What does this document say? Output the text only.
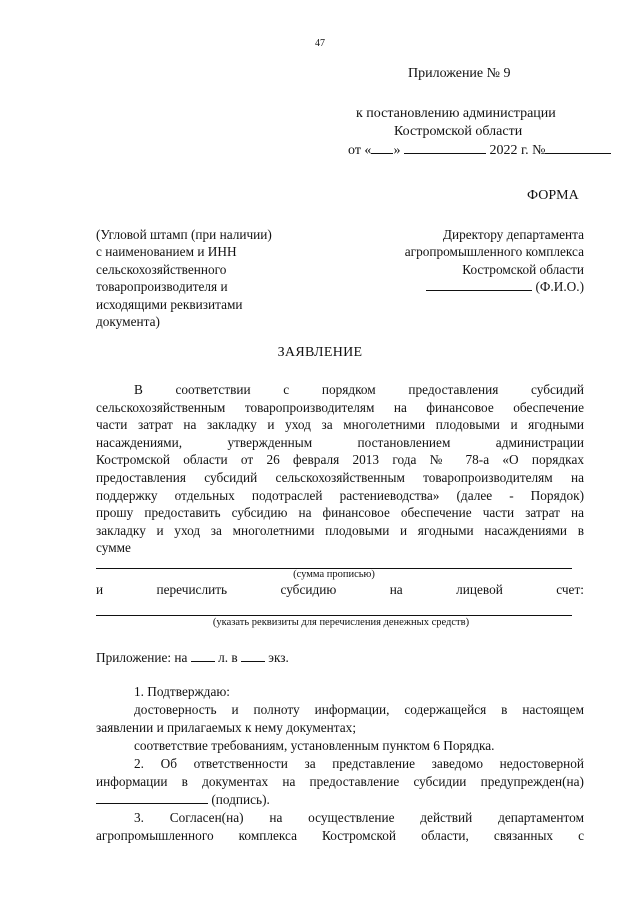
47
Приложение № 9
к постановлению администрации
Костромской области
от « »	2022 г. №
ФОРМА
(Угловой штамп (при наличии)
с наименованием и ИНН
сельскохозяйственного
товаропроизводителя и
исходящими реквизитами
документа)
Директору департамента
агропромышленного комплекса
Костромской области
(Ф.И.О.)
ЗАЯВЛЕНИЕ
В соответствии с порядком предоставления субсидий
сельскохозяйственным товаропроизводителям на финансовое обеспечение
части затрат на закладку и уход за многолетними плодовыми и ягодными
насаждениями, утвержденным постановлением администрации
Костромской области от 26 февраля 2013 года № 78-а «О порядках
предоставления субсидий сельскохозяйственным товаропроизводителям на
поддержку отдельных подотраслей растениеводства» (далее - Порядок)
прошу предоставить субсидию на финансовое обеспечение части затрат на
закладку и уход за многолетними плодовыми и ягодными насаждениями в
сумме
(сумма прописью)
и	перечислить	субсидию	на	лицевой	счет:
(указать реквизиты для перечисления денежных средств)
Приложение: на л. в экз.
1. Подтверждаю:
достоверность и полноту информации, содержащейся в настоящем
заявлении и прилагаемых к нему документах;
соответствие требованиям, установленным пунктом 6 Порядка.
2. Об ответственности за представление заведомо недостоверной
информации в документах на предоставление субсидии предупрежден(на)
(подпись).
3. Согласен(на) на осуществление действий департаментом
агропромышленного комплекса Костромской области, связанных с
